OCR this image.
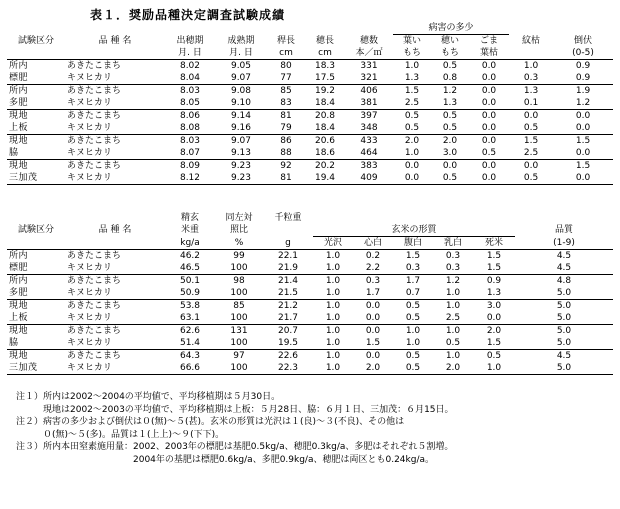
表１．奨励品種決定調査試験成績
							病害の多少				
試験区分	品 種 名	出穂期	成熟期	稈長	穂長	穂数	葉い	穂い	ごま	紋枯	倒伏
		月. 日	月. 日	cm	cm	本／㎡	もち	もち	葉枯		(0-5)
所内	あきたこまち	8.02	9.05	80	18.3	331	1.0	0.5	0.0	1.0	0.9
標肥	キヌヒカリ	8.04	9.07	77	17.5	321	1.3	0.8	0.0	0.3	0.9
所内	あきたこまち	8.03	9.08	85	19.2	406	1.5	1.2	0.0	1.3	1.9
多肥	キヌヒカリ	8.05	9.10	83	18.4	381	2.5	1.3	0.0	0.1	1.2
現地	あきたこまち	8.06	9.14	81	20.8	397	0.5	0.5	0.0	0.0	0.0
上板	キヌヒカリ	8.08	9.16	79	18.4	348	0.5	0.5	0.0	0.5	0.0
現地	あきたこまち	8.03	9.07	86	20.6	433	2.0	2.0	0.0	1.5	1.5
脇	キヌヒカリ	8.07	9.13	88	18.6	464	1.0	3.0	0.5	2.5	0.0
現地	あきたこまち	8.09	9.23	92	20.2	383	0.0	0.0	0.0	0.0	1.5
三加茂	キヌヒカリ	8.12	9.23	81	19.4	409	0.0	0.5	0.0	0.5	0.0
		精玄	同左対	千粒重						
試験区分	品 種 名	米重	照比		玄米の形質					品質
		kg/a	%	g	光沢	心白	腹白	乳白	死米	(1-9)
所内	あきたこまち	46.2	99	22.1	1.0	0.2	1.5	0.3	1.5	4.5
標肥	キヌヒカリ	46.5	100	21.9	1.0	2.2	0.3	0.3	1.5	4.5
所内	あきたこまち	50.1	98	21.4	1.0	0.3	1.7	1.2	0.9	4.8
多肥	キヌヒカリ	50.9	100	21.5	1.0	1.7	0.7	1.0	1.3	5.0
現地	あきたこまち	53.8	85	21.2	1.0	0.0	0.5	1.0	3.0	5.0
上板	キヌヒカリ	63.1	100	21.7	1.0	0.0	0.5	2.5	0.0	5.0
現地	あきたこまち	62.6	131	20.7	1.0	0.0	1.0	1.0	2.0	5.0
脇	キヌヒカリ	51.4	100	19.5	1.0	1.5	1.0	0.5	1.5	5.0
現地	あきたこまち	64.3	97	22.6	1.0	0.0	0.5	1.0	0.5	4.5
三加茂	キヌヒカリ	66.6	100	22.3	1.0	2.0	0.5	2.0	1.0	5.0
注１）所内は2002～2004の平均値で、平均移植期は５月30日。
　　　現地は2002～2003の平均値で、平均移植期は上板：５月28日、脇：６月１日、三加茂：６月15日。
注２）病害の多少および倒伏は０(無)～５(甚)。玄米の形質は光沢は１(良)～３(不良)、その他は
　　　０(無)～５(多)。品質は１(上上)～９(下下)。
注３）所内本田窒素施用量：2002、2003年の標肥は基肥0.5kg/a、穂肥0.3kg/a、多肥はそれぞれ５割増。
　　　　　　　　　　　　　2004年の基肥は標肥0.6kg/a、多肥0.9kg/a、穂肥は両区とも0.24kg/a。
